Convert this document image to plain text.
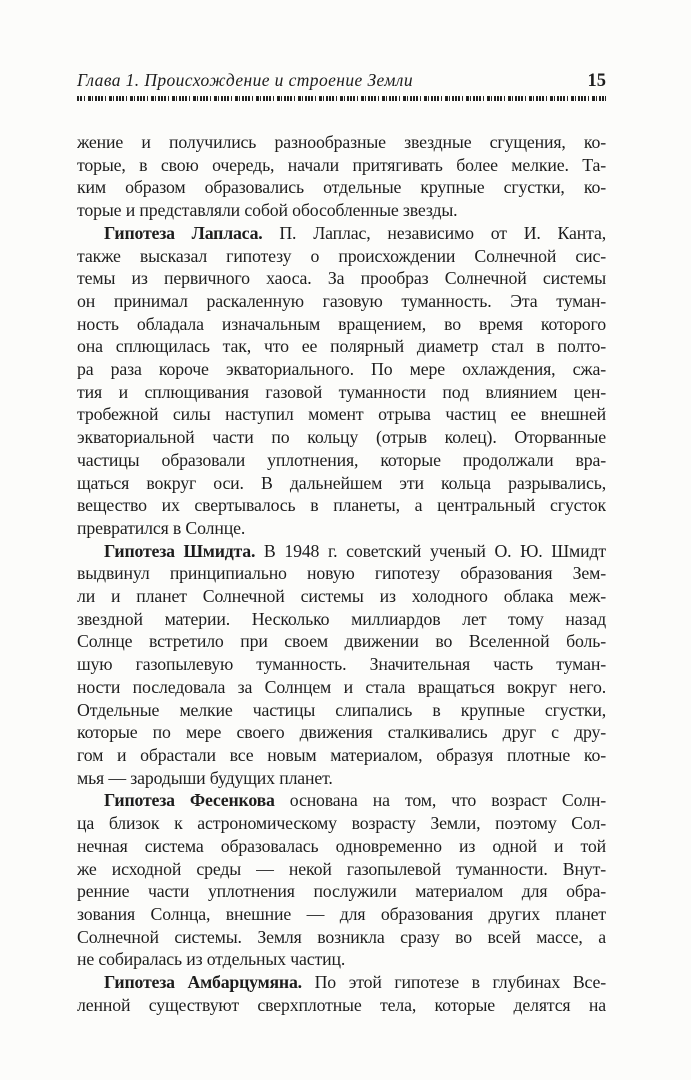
Глава 1. Происхождение и строение Земли	15
жение и получились разнообразные звездные сгущения, ко-
торые, в свою очередь, начали притягивать более мелкие. Та-
ким образом образовались отдельные крупные сгустки, ко-
торые и представляли собой обособленные звезды.
Гипотеза Лапласа. П. Лаплас, независимо от И. Канта,
также высказал гипотезу о происхождении Солнечной сис-
темы из первичного хаоса. За прообраз Солнечной системы
он принимал раскаленную газовую туманность. Эта туман-
ность обладала изначальным вращением, во время которого
она сплющилась так, что ее полярный диаметр стал в полто-
ра раза короче экваториального. По мере охлаждения, сжа-
тия и сплющивания газовой туманности под влиянием цен-
тробежной силы наступил момент отрыва частиц ее внешней
экваториальной части по кольцу (отрыв колец). Оторванные
частицы образовали уплотнения, которые продолжали вра-
щаться вокруг оси. В дальнейшем эти кольца разрывались,
вещество их свертывалось в планеты, а центральный сгусток
превратился в Солнце.
Гипотеза Шмидта. В 1948 г. советский ученый О. Ю. Шмидт
выдвинул принципиально новую гипотезу образования Зем-
ли и планет Солнечной системы из холодного облака меж-
звездной материи. Несколько миллиардов лет тому назад
Солнце встретило при своем движении во Вселенной боль-
шую газопылевую туманность. Значительная часть туман-
ности последовала за Солнцем и стала вращаться вокруг него.
Отдельные мелкие частицы слипались в крупные сгустки,
которые по мере своего движения сталкивались друг с дру-
гом и обрастали все новым материалом, образуя плотные ко-
мья — зародыши будущих планет.
Гипотеза Фесенкова основана на том, что возраст Солн-
ца близок к астрономическому возрасту Земли, поэтому Сол-
нечная система образовалась одновременно из одной и той
же исходной среды — некой газопылевой туманности. Внут-
ренние части уплотнения послужили материалом для обра-
зования Солнца, внешние — для образования других планет
Солнечной системы. Земля возникла сразу во всей массе, а
не собиралась из отдельных частиц.
Гипотеза Амбарцумяна. По этой гипотезе в глубинах Все-
ленной существуют сверхплотные тела, которые делятся на
